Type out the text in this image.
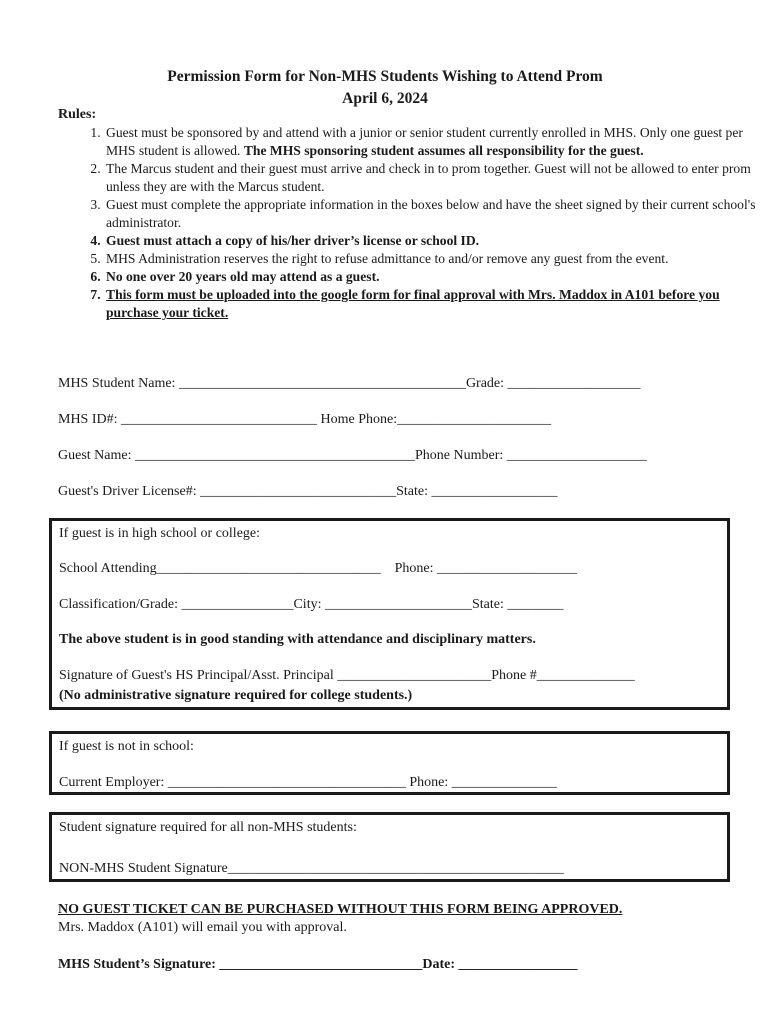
Permission Form for Non-MHS Students Wishing to Attend Prom
April 6, 2024
Rules:
1. Guest must be sponsored by and attend with a junior or senior student currently enrolled in MHS. Only one guest per MHS student is allowed. The MHS sponsoring student assumes all responsibility for the guest.
2. The Marcus student and their guest must arrive and check in to prom together. Guest will not be allowed to enter prom unless they are with the Marcus student.
3. Guest must complete the appropriate information in the boxes below and have the sheet signed by their current school's administrator.
4. Guest must attach a copy of his/her driver’s license or school ID.
5. MHS Administration reserves the right to refuse admittance to and/or remove any guest from the event.
6. No one over 20 years old may attend as a guest.
7. This form must be uploaded into the google form for final approval with Mrs. Maddox in A101 before you purchase your ticket.
MHS Student Name: _________________________________________Grade: ___________________
MHS ID#: ____________________________ Home Phone:______________________
Guest Name: ________________________________________Phone Number: ____________________
Guest's Driver License#: ____________________________State: __________________
If guest is in high school or college:
School Attending________________________________    Phone: ____________________
Classification/Grade: ________________City: _____________________State: ________
The above student is in good standing with attendance and disciplinary matters.
Signature of Guest's HS Principal/Asst. Principal ______________________Phone #______________
(No administrative signature required for college students.)
If guest is not in school:
Current Employer: __________________________________ Phone: _______________
Student signature required for all non-MHS students:
NON-MHS Student Signature________________________________________________
NO GUEST TICKET CAN BE PURCHASED WITHOUT THIS FORM BEING APPROVED.
Mrs. Maddox (A101) will email you with approval.
MHS Student’s Signature: _____________________________Date: _________________
